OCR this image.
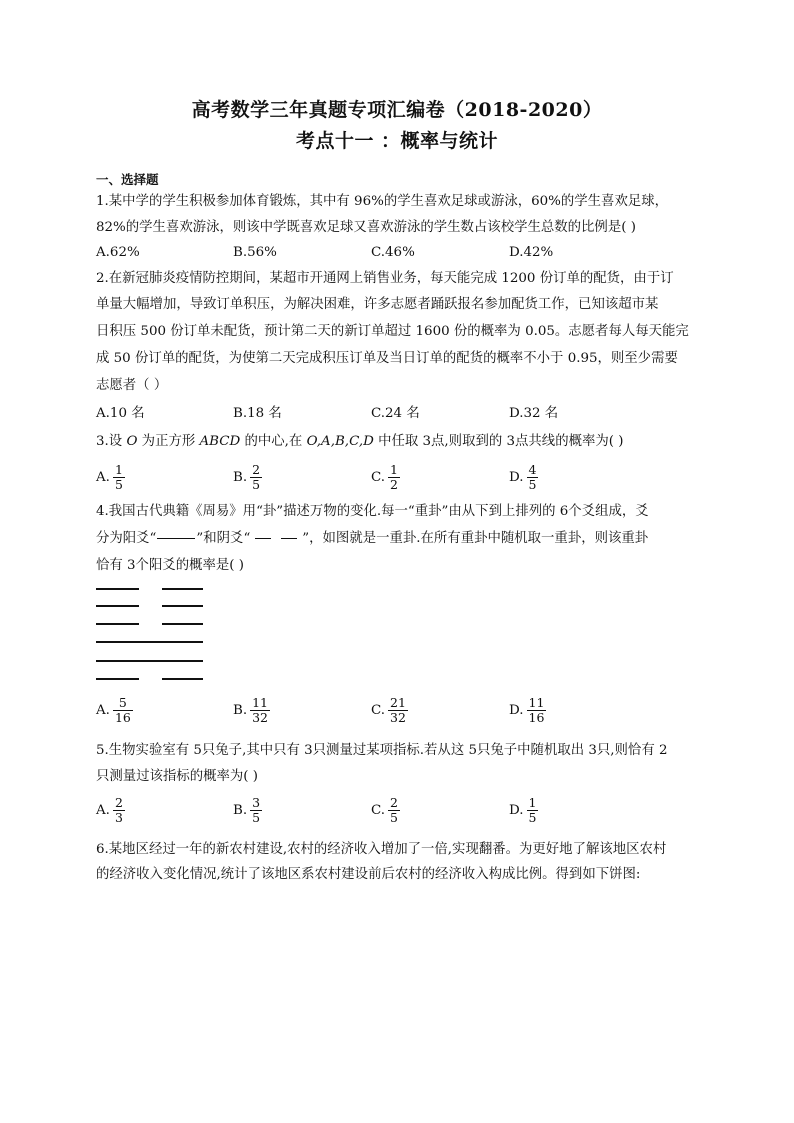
高考数学三年真题专项汇编卷（2018-2020）
考点十一 ：概率与统计
一、选择题
1.某中学的学生积极参加体育锻炼，其中有 96%的学生喜欢足球或游泳，60%的学生喜欢足球，
82%的学生喜欢游泳，则该中学既喜欢足球又喜欢游泳的学生数占该校学生总数的比例是( )
A.62%	B.56%	C.46%	D.42%
2.在新冠肺炎疫情防控期间，某超市开通网上销售业务，每天能完成 1200 份订单的配货，由于订
单量大幅增加，导致订单积压，为解决困难，许多志愿者踊跃报名参加配货工作，已知该超市某
日积压 500 份订单未配货，预计第二天的新订单超过 1600 份的概率为 0.05。志愿者每人每天能完
成 50 份订单的配货，为使第二天完成积压订单及当日订单的配货的概率不小于 0.95，则至少需要
志愿者（ ）
A.10 名	B.18 名	C.24 名	D.32 名
3.设 O 为正方形 ABCD 的中心,在 O,A,B,C,D 中任取 3点,则取到的 3点共线的概率为( )
A. $\frac{1}{5}$	B. $\frac{2}{5}$	C. $\frac{1}{2}$	D. $\frac{4}{5}$
4.我国古代典籍《周易》用“卦”描述万物的变化.每一“重卦”由从下到上排列的 6个爻组成，爻
分为阳爻“	”和阴爻“	”，如图就是一重卦.在所有重卦中随机取一重卦，则该重卦
恰有 3个阳爻的概率是( )
A. $\frac{5}{16}$	B. $\frac{11}{32}$	C. $\frac{21}{32}$	D. $\frac{11}{16}$
5.生物实验室有 5只兔子,其中只有 3只测量过某项指标.若从这 5只兔子中随机取出 3只,则恰有 2
只测量过该指标的概率为( )
A. $\frac{2}{3}$	B. $\frac{3}{5}$	C. $\frac{2}{5}$	D. $\frac{1}{5}$
6.某地区经过一年的新农村建设,农村的经济收入增加了一倍,实现翻番。为更好地了解该地区农村
的经济收入变化情况,统计了该地区系农村建设前后农村的经济收入构成比例。得到如下饼图:
